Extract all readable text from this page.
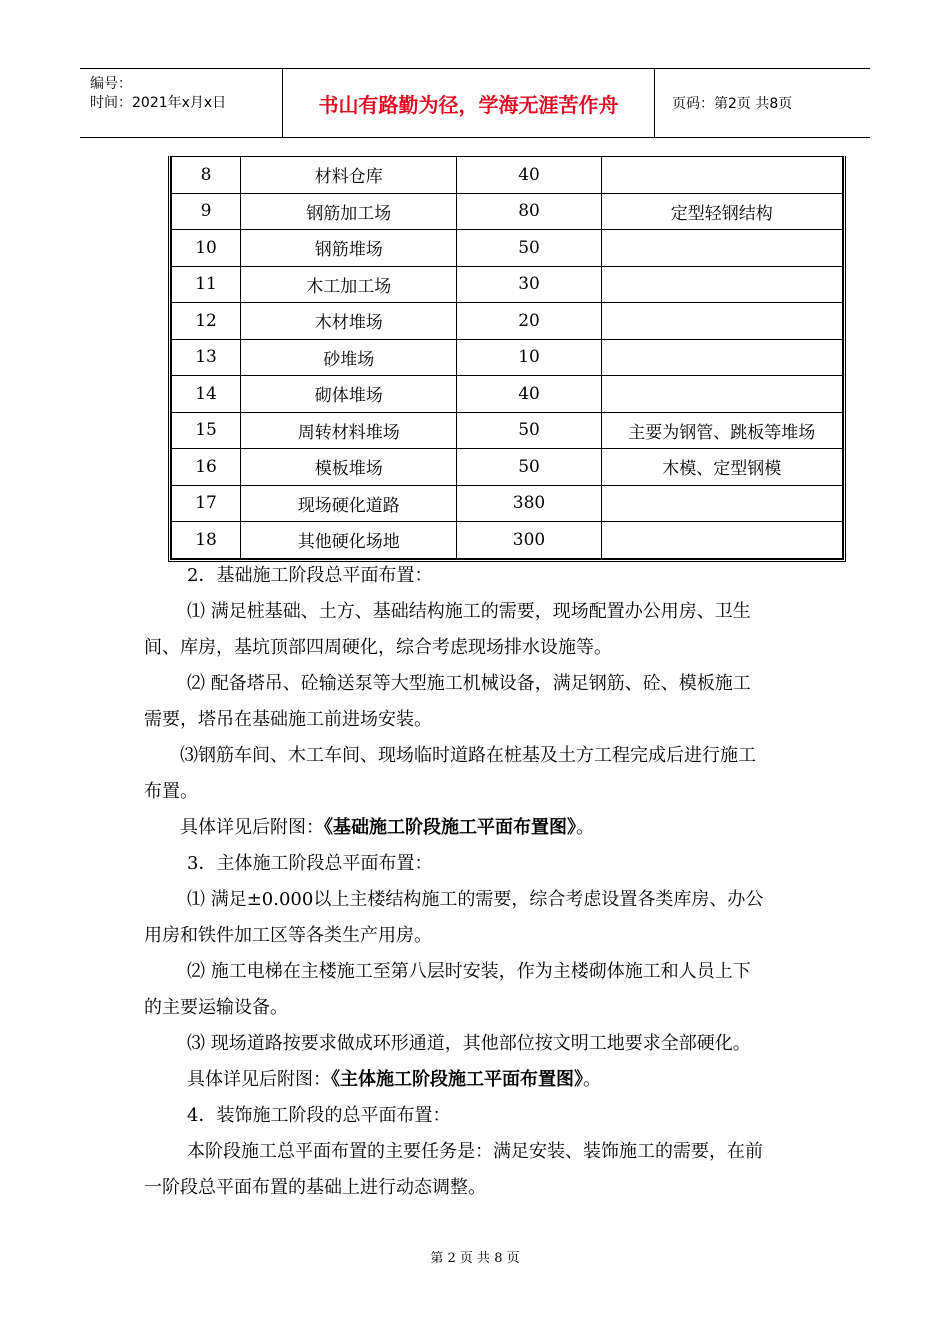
编号：
时间：2021年x月x日	书山有路勤为径，学海无涯苦作舟	页码：第2页 共8页
8	材料仓库	40	
9	钢筋加工场	80	定型轻钢结构
10	钢筋堆场	50	
11	木工加工场	30	
12	木材堆场	20	
13	砂堆场	10	
14	砌体堆场	40	
15	周转材料堆场	50	主要为钢管、跳板等堆场
16	模板堆场	50	木模、定型钢模
17	现场硬化道路	380	
18	其他硬化场地	300	
2．基础施工阶段总平面布置：
⑴ 满足桩基础、土方、基础结构施工的需要，现场配置办公用房、卫生
间、库房，基坑顶部四周硬化，综合考虑现场排水设施等。
⑵ 配备塔吊、砼输送泵等大型施工机械设备，满足钢筋、砼、模板施工
需要，塔吊在基础施工前进场安装。
⑶钢筋车间、木工车间、现场临时道路在桩基及土方工程完成后进行施工
布置。
具体详见后附图：《基础施工阶段施工平面布置图》。
3．主体施工阶段总平面布置：
⑴ 满足±0.000以上主楼结构施工的需要，综合考虑设置各类库房、办公
用房和铁件加工区等各类生产用房。
⑵ 施工电梯在主楼施工至第八层时安装，作为主楼砌体施工和人员上下
的主要运输设备。
⑶ 现场道路按要求做成环形通道，其他部位按文明工地要求全部硬化。
具体详见后附图：《主体施工阶段施工平面布置图》。
4．装饰施工阶段的总平面布置：
本阶段施工总平面布置的主要任务是：满足安装、装饰施工的需要，在前
一阶段总平面布置的基础上进行动态调整。
第 2 页 共 8 页
